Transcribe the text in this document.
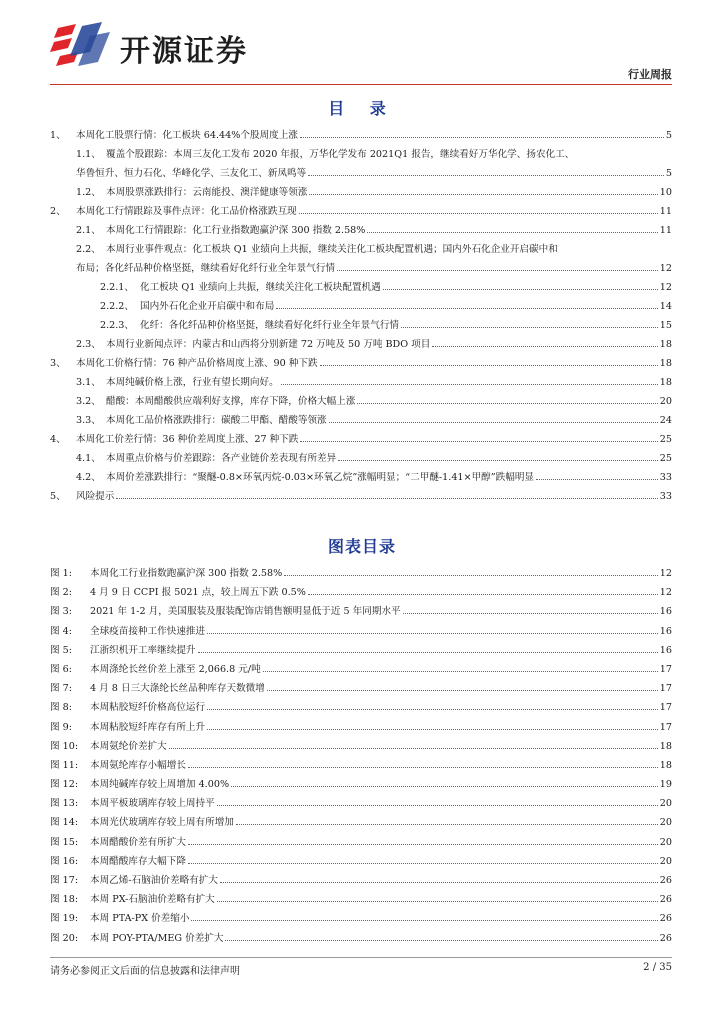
开源证券
行业周报
目 录
1、	本周化工股票行情：化工板块 64.44%个股周度上涨	5
1.1、 覆盖个股跟踪：本周三友化工发布 2020 年报，万华化学发布 2021Q1 报告，继续看好万华化学、扬农化工、
华鲁恒升、恒力石化、华峰化学、三友化工、新凤鸣等	5
1.2、 本周股票涨跌排行：云南能投、澳洋健康等领涨	10
2、	本周化工行情跟踪及事件点评：化工品价格涨跌互现	11
2.1、 本周化工行情跟踪：化工行业指数跑赢沪深 300 指数 2.58%	11
2.2、 本周行业事件观点：化工板块 Q1 业绩向上共振，继续关注化工板块配置机遇；国内外石化企业开启碳中和
布局；各化纤品种价格坚挺，继续看好化纤行业全年景气行情	12
2.2.1、 化工板块 Q1 业绩向上共振，继续关注化工板块配置机遇	12
2.2.2、 国内外石化企业开启碳中和布局	14
2.2.3、 化纤：各化纤品种价格坚挺，继续看好化纤行业全年景气行情	15
2.3、 本周行业新闻点评：内蒙古和山西将分别新建 72 万吨及 50 万吨 BDO 项目	18
3、	本周化工价格行情：76 种产品价格周度上涨、90 种下跌	18
3.1、 本周纯碱价格上涨，行业有望长期向好。	18
3.2、 醋酸：本周醋酸供应端利好支撑，库存下降，价格大幅上涨	20
3.3、 本周化工品价格涨跌排行：碳酸二甲酯、醋酸等领涨	24
4、	本周化工价差行情：36 种价差周度上涨、27 种下跌	25
4.1、 本周重点价格与价差跟踪：各产业链价差表现有所差异	25
4.2、 本周价差涨跌排行：“聚醚-0.8×环氧丙烷-0.03×环氧乙烷”涨幅明显；“二甲醚-1.41×甲醇”跌幅明显	33
5、	风险提示	33
图表目录
图 1:	本周化工行业指数跑赢沪深 300 指数 2.58%	12
图 2:	4 月 9 日 CCPI 报 5021 点，较上周五下跌 0.5%	12
图 3:	2021 年 1-2 月，美国服装及服装配饰店销售额明显低于近 5 年同期水平	16
图 4:	全球疫苗接种工作快速推进	16
图 5:	江浙织机开工率继续提升	16
图 6:	本周涤纶长丝价差上涨至 2,066.8 元/吨	17
图 7:	4 月 8 日三大涤纶长丝品种库存天数微增	17
图 8:	本周粘胶短纤价格高位运行	17
图 9:	本周粘胶短纤库存有所上升	17
图 10:	本周氨纶价差扩大	18
图 11:	本周氨纶库存小幅增长	18
图 12:	本周纯碱库存较上周增加 4.00%	19
图 13:	本周平板玻璃库存较上周持平	20
图 14:	本周光伏玻璃库存较上周有所增加	20
图 15:	本周醋酸价差有所扩大	20
图 16:	本周醋酸库存大幅下降	20
图 17:	本周乙烯-石脑油价差略有扩大	26
图 18:	本周 PX-石脑油价差略有扩大	26
图 19:	本周 PTA-PX 价差缩小	26
图 20:	本周 POY-PTA/MEG 价差扩大	26
请务必参阅正文后面的信息披露和法律声明	2 / 35
